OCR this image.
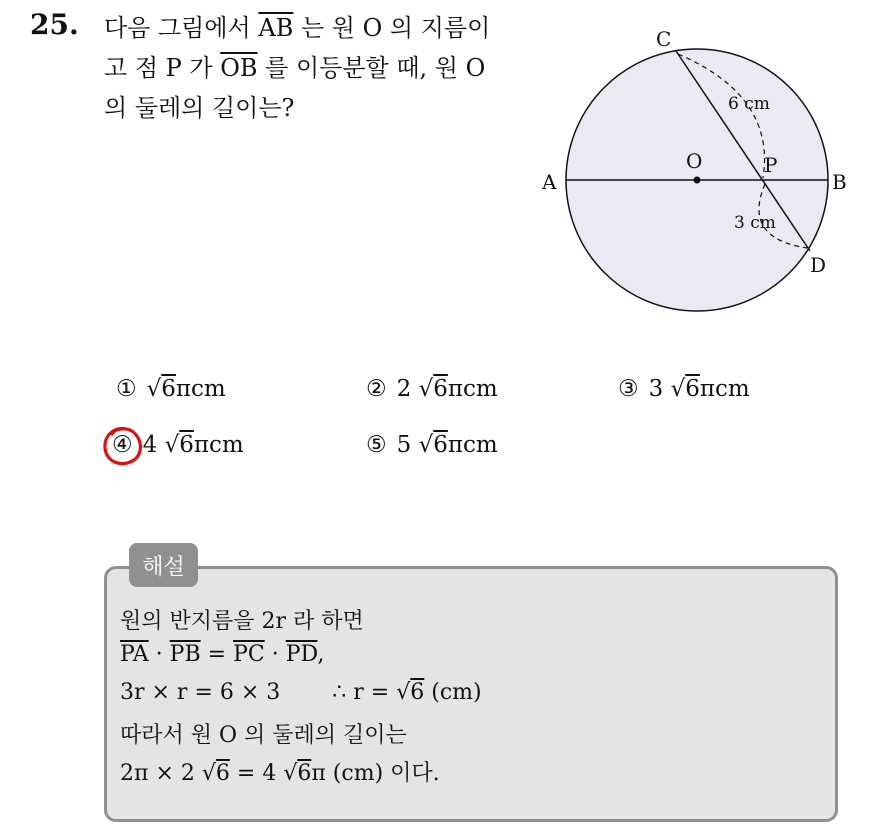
25. 다음 그림에서 $\overline{AB}$ 는 원 O 의 지름이
고 점 P 가 $\overline{OB}$ 를 이등분할 때, 원 O
의 둘레의 길이는?
A	B
C
D
O	P
6 cm
3 cm
① √6πcm	② 2 √6πcm	③ 3 √6πcm
④ 4 √6πcm	⑤ 5 √6πcm
해설
원의 반지름을 2r 라 하면
$\overline{PA} \cdot \overline{PB} = \overline{PC} \cdot \overline{PD}$,
3r × r = 6 × 3 ∴ r = √6 (cm)
따라서 원 O 의 둘레의 길이는
2π × 2 √6 = 4 √6π (cm) 이다.
